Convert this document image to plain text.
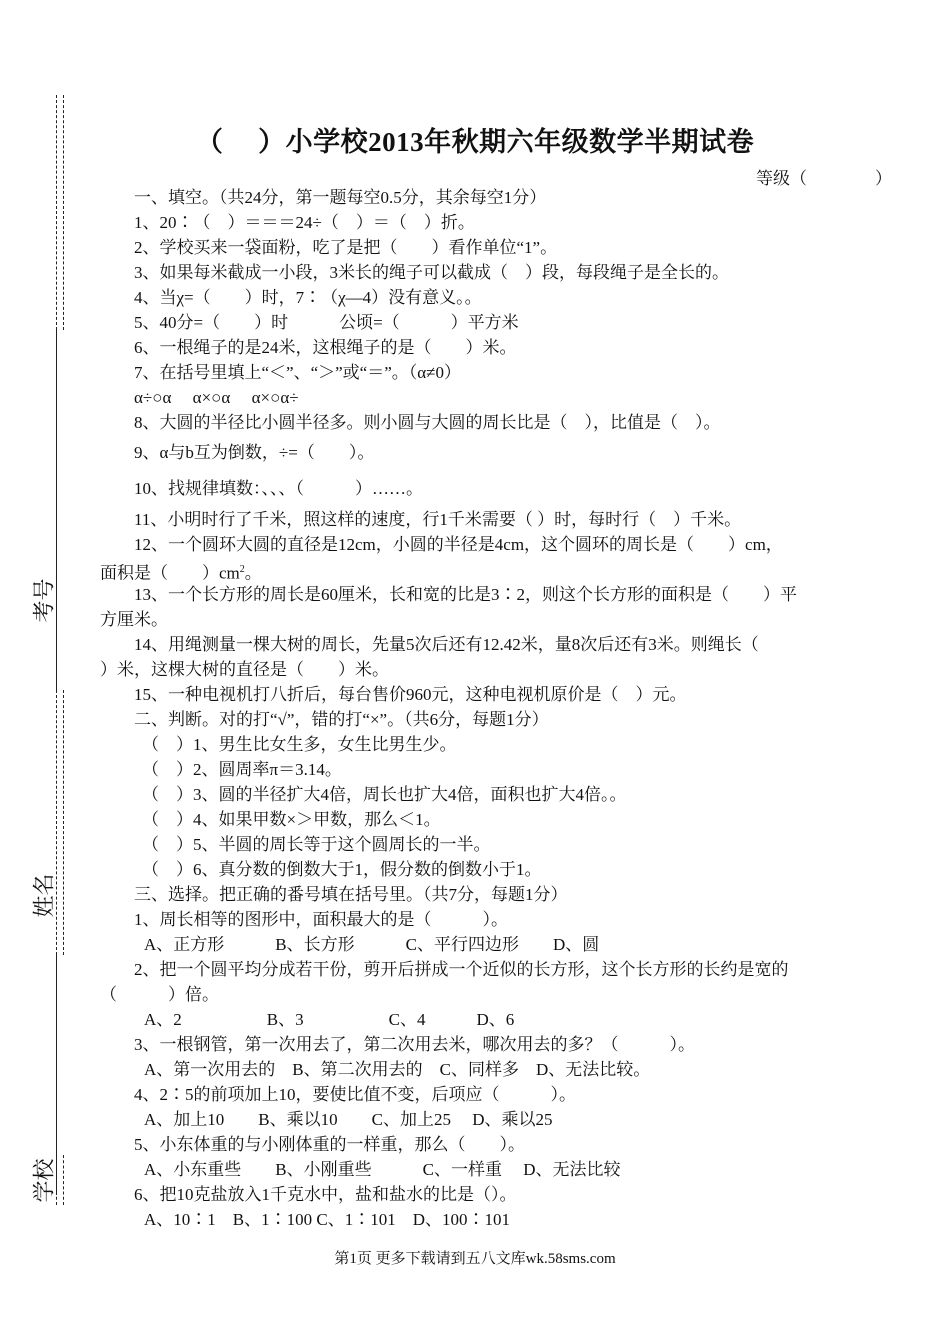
考号
姓名
学校
（　 ）小学校2013年秋期六年级数学半期试卷
等级（　　　　）
一、填空。（共24分，第一题每空0.5分，其余每空1分）
1、20∶（　）＝＝＝24÷（　）＝（　）折。
2、学校买来一袋面粉，吃了是把（　　）看作单位“1”。
3、如果每米截成一小段，3米长的绳子可以截成（　）段，每段绳子是全长的。
4、当χ=（　　）时，7∶（χ—4）没有意义。。
5、40分=（　　）时　　　公顷=（　　　）平方米
6、一根绳子的是24米，这根绳子的是（　　）米。
7、在括号里填上“＜”、“＞”或“＝”。（α≠0）
α÷○α　 α×○α　 α×○α÷
8、大圆的半径比小圆半径多。则小圆与大圆的周长比是（　），比值是（　）。
9、α与b互为倒数，÷=（　　）。
10、找规律填数：、、、（　　　）……。
11、小明时行了千米，照这样的速度，行1千米需要（ ）时，每时行（　）千米。
12、一个圆环大圆的直径是12cm，小圆的半径是4cm，这个圆环的周长是（　　）cm，
面积是（　　）$cm^2$。
13、一个长方形的周长是60厘米，长和宽的比是3∶2，则这个长方形的面积是（　　）平
方厘米。
14、用绳测量一棵大树的周长，先量5次后还有12.42米，量8次后还有3米。则绳长（
）米，这棵大树的直径是（　　）米。
15、一种电视机打八折后，每台售价960元，这种电视机原价是（　）元。
二、判断。对的打“√”，错的打“×”。（共6分，每题1分）
（　）1、男生比女生多，女生比男生少。
（　）2、圆周率π＝3.14。
（　）3、圆的半径扩大4倍，周长也扩大4倍，面积也扩大4倍。。
（　）4、如果甲数×＞甲数，那么＜1。
（　）5、半圆的周长等于这个圆周长的一半。
（　）6、真分数的倒数大于1，假分数的倒数小于1。
三、选择。把正确的番号填在括号里。（共7分，每题1分）
1、周长相等的图形中，面积最大的是（　　　）。
A、正方形　　　B、长方形　　　C、平行四边形　　D、圆
2、把一个圆平均分成若干份，剪开后拼成一个近似的长方形，这个长方形的长约是宽的
（　　　）倍。
A、2　　　　　B、3　　　　　C、4　　　D、6
3、一根钢管，第一次用去了，第二次用去米，哪次用去的多？（　　　）。
A、第一次用去的　B、第二次用去的　C、同样多　D、无法比较。
4、2∶5的前项加上10，要使比值不变，后项应（　　　）。
A、加上10　　B、乘以10　　C、加上25　 D、乘以25
5、小东体重的与小刚体重的一样重，那么（　　）。
A、小东重些　　B、小刚重些　　　C、一样重　 D、无法比较
6、把10克盐放入1千克水中，盐和盐水的比是（）。
A、10∶1　B、1∶100 C、1∶101　D、100∶101
第1页 更多下载请到五八文库wk.58sms.com
